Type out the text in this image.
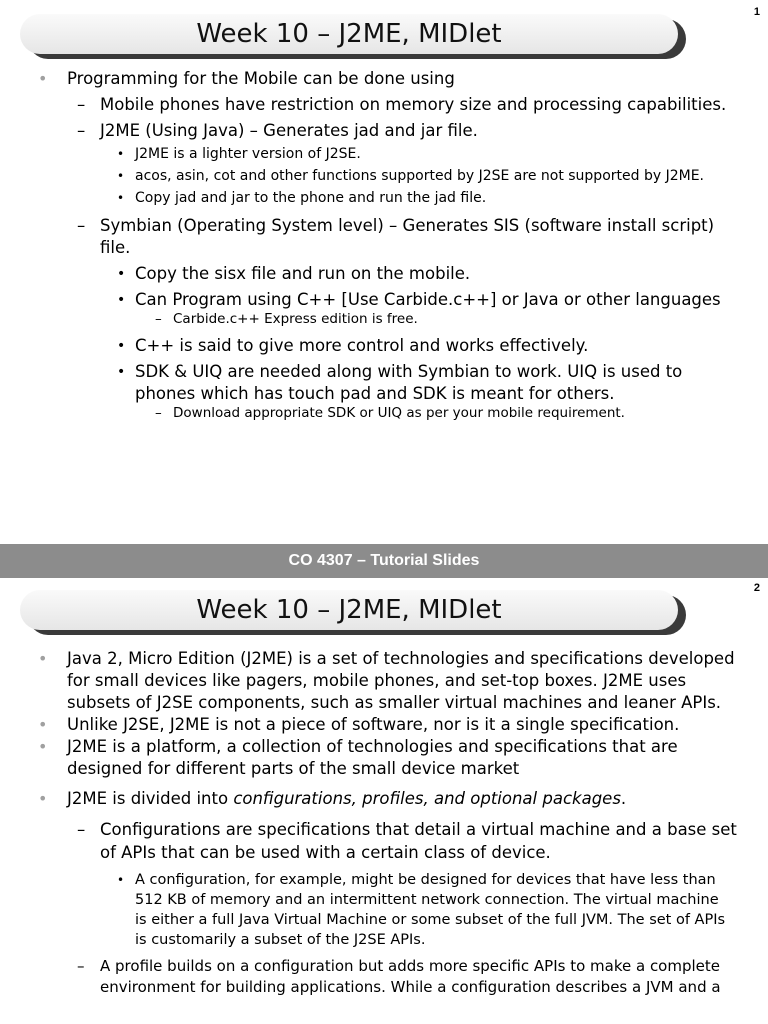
1
Week 10 – J2ME, MIDlet
• Programming for the Mobile can be done using
– Mobile phones have restriction on memory size and processing capabilities.
– J2ME (Using Java) – Generates jad and jar file.
• J2ME is a lighter version of J2SE.
• acos, asin, cot and other functions supported by J2SE are not supported by J2ME.
• Copy jad and jar to the phone and run the jad file.
– Symbian (Operating System level) – Generates SIS (software install script) file.
• Copy the sisx file and run on the mobile.
• Can Program using C++ [Use Carbide.c++] or Java or other languages
– Carbide.c++ Express edition is free.
• C++ is said to give more control and works effectively.
• SDK & UIQ are needed along with Symbian to work. UIQ is used to phones which has touch pad and SDK is meant for others.
– Download appropriate SDK or UIQ as per your mobile requirement.
CO 4307 – Tutorial Slides
2
Week 10 – J2ME, MIDlet
• Java 2, Micro Edition (J2ME) is a set of technologies and specifications developed for small devices like pagers, mobile phones, and set-top boxes. J2ME uses subsets of J2SE components, such as smaller virtual machines and leaner APIs.
• Unlike J2SE, J2ME is not a piece of software, nor is it a single specification.
• J2ME is a platform, a collection of technologies and specifications that are designed for different parts of the small device market
• J2ME is divided into configurations, profiles, and optional packages.
– Configurations are specifications that detail a virtual machine and a base set of APIs that can be used with a certain class of device.
• A configuration, for example, might be designed for devices that have less than 512 KB of memory and an intermittent network connection. The virtual machine is either a full Java Virtual Machine or some subset of the full JVM. The set of APIs is customarily a subset of the J2SE APIs.
– A profile builds on a configuration but adds more specific APIs to make a complete environment for building applications. While a configuration describes a JVM and a
